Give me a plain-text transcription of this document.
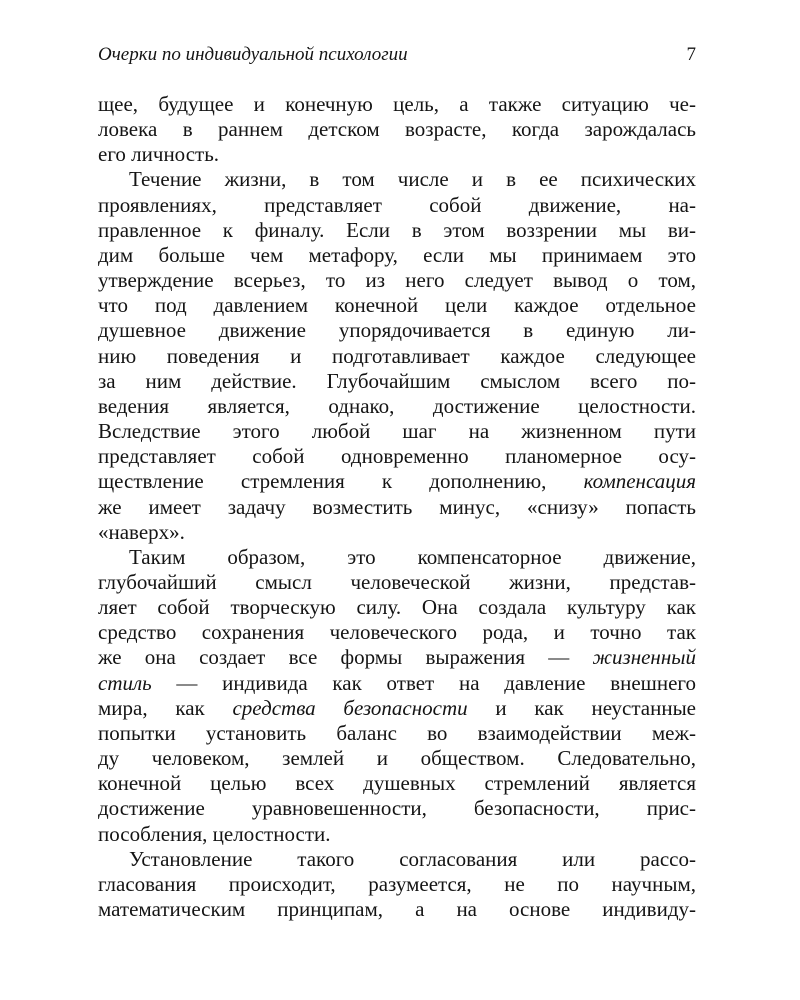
Очерки по индивидуальной психологии	7
щее, будущее и конечную цель, а также ситуацию че-
ловека в раннем детском возрасте, когда зарождалась
его личность.
Течение жизни, в том числе и в ее психических
проявлениях, представляет собой движение, на-
правленное к финалу. Если в этом воззрении мы ви-
дим больше чем метафору, если мы принимаем это
утверждение всерьез, то из него следует вывод о том,
что под давлением конечной цели каждое отдельное
душевное движение упорядочивается в единую ли-
нию поведения и подготавливает каждое следующее
за ним действие. Глубочайшим смыслом всего по-
ведения является, однако, достижение целостности.
Вследствие этого любой шаг на жизненном пути
представляет собой одновременно планомерное осу-
ществление стремления к дополнению, компенсация
же имеет задачу возместить минус, «снизу» попасть
«наверх».
Таким образом, это компенсаторное движение,
глубочайший смысл человеческой жизни, представ-
ляет собой творческую силу. Она создала культуру как
средство сохранения человеческого рода, и точно так
же она создает все формы выражения — жизненный
стиль — индивида как ответ на давление внешнего
мира, как средства безопасности и как неустанные
попытки установить баланс во взаимодействии меж-
ду человеком, землей и обществом. Следовательно,
конечной целью всех душевных стремлений является
достижение уравновешенности, безопасности, прис-
пособления, целостности.
Установление такого согласования или рассо-
гласования происходит, разумеется, не по научным,
математическим принципам, а на основе индивиду-
